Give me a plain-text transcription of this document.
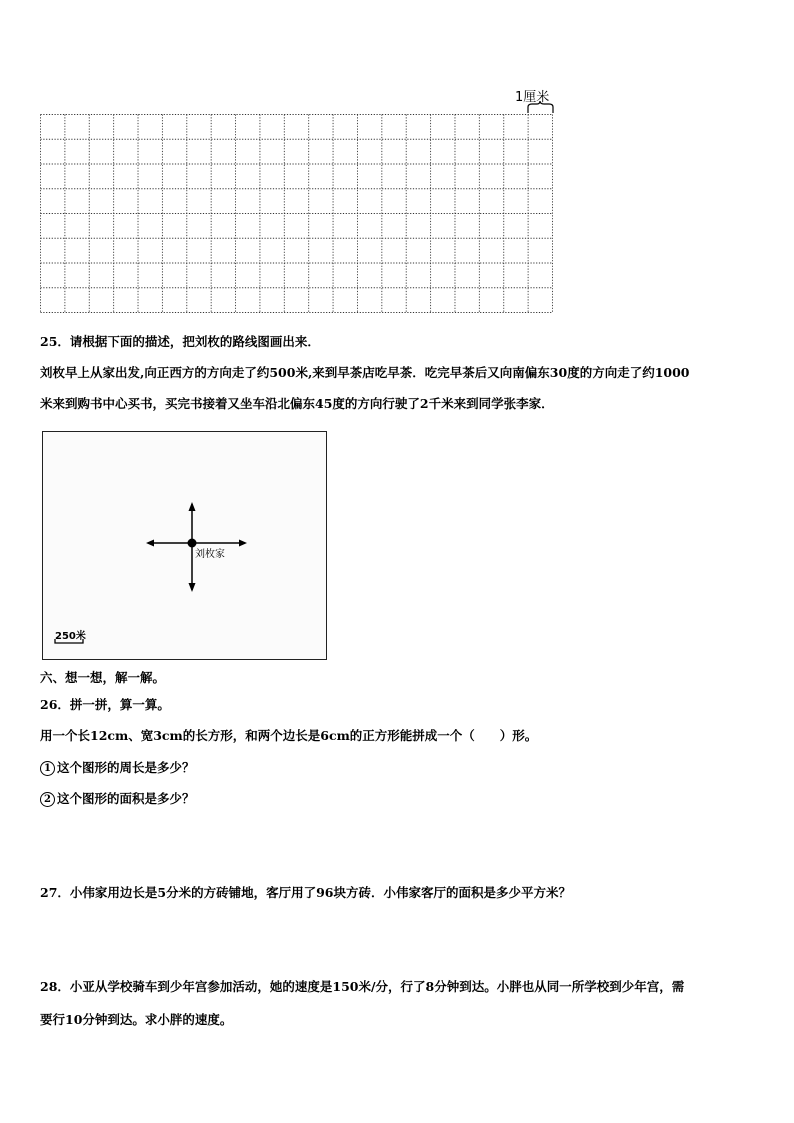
1厘米
25．请根据下面的描述，把刘枚的路线图画出来．
刘枚早上从家出发,向正西方的方向走了约500米,来到早茶店吃早茶．吃完早茶后又向南偏东30度的方向走了约1000
米来到购书中心买书，买完书接着又坐车沿北偏东45度的方向行驶了2千米来到同学张李家．
刘枚家
250米
六、想一想，解一解。
26．拼一拼，算一算。
用一个长12cm、宽3cm的长方形，和两个边长是6cm的正方形能拼成一个（　　）形。
1 这个图形的周长是多少？
2 这个图形的面积是多少？
27．小伟家用边长是5分米的方砖铺地，客厅用了96块方砖．小伟家客厅的面积是多少平方米？
28．小亚从学校骑车到少年宫参加活动，她的速度是150米/分，行了8分钟到达。小胖也从同一所学校到少年宫，需
要行10分钟到达。求小胖的速度。
